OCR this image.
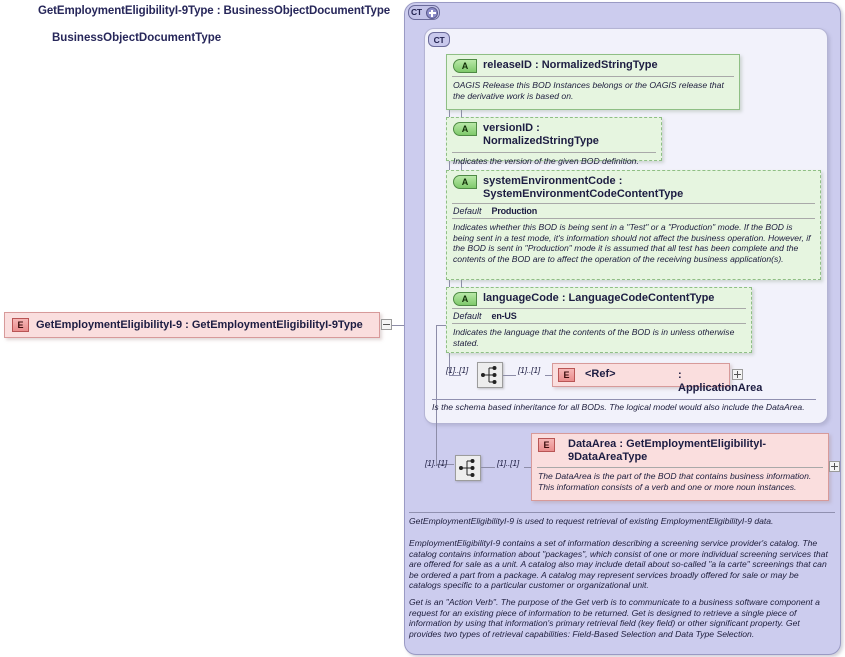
E GetEmploymentEligibilityI-9 : GetEmploymentEligibilityI-9Type
CT
GetEmploymentEligibilityI-9Type : BusinessObjectDocumentType
CT
BusinessObjectDocumentType
A releaseID : NormalizedStringType
OAGIS Release this BOD Instances belongs or the OAGIS release that the derivative work is based on.
A versionID : NormalizedStringType
Indicates the version of the given BOD definition.
A systemEnvironmentCode : SystemEnvironmentCodeContentType
Default Production
Indicates whether this BOD is being sent in a "Test" or a "Production" mode. If the BOD is being sent in a test mode, it's information should not affect the business operation. However, if the BOD is sent in "Production" mode it is assumed that all test has been complete and the contents of the BOD are to affect the operation of the receiving business application(s).
A languageCode : LanguageCodeContentType
Default en-US
Indicates the language that the contents of the BOD is in unless otherwise stated.
[1]..[1]	[1]..[1]	E <Ref>	: ApplicationArea
Is the schema based inheritance for all BODs. The logical model would also include the DataArea.
[1]..[1]	[1]..[1]
E DataArea : GetEmploymentEligibilityI-9DataAreaType
The DataArea is the part of the BOD that contains business information. This information consists of a verb and one or more noun instances.
GetEmploymentEligibilityI-9 is used to request retrieval of existing EmploymentEligibilityI-9 data.
EmploymentEligibilityI-9 contains a set of information describing a screening service provider's catalog. The catalog contains information about "packages", which consist of one or more individual screening services that are offered for sale as a unit. A catalog also may include detail about so-called "a la carte" screenings that can be ordered a part from a package. A catalog may represent services broadly offered for sale or may be catalogs specific to a particular customer or organizational unit.
Get is an "Action Verb". The purpose of the Get verb is to communicate to a business software component a request for an existing piece of information to be returned. Get is designed to retrieve a single piece of information by using that information's primary retrieval field (key field) or other significant property. Get provides two types of retrieval capabilities: Field-Based Selection and Data Type Selection.
